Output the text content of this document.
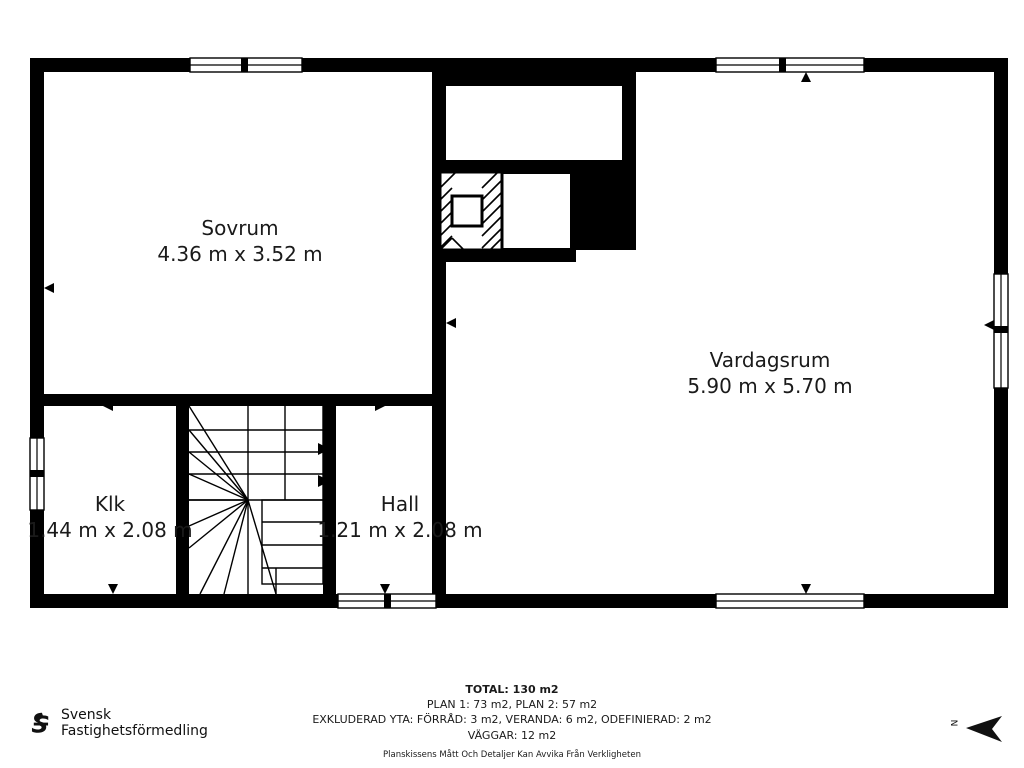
Sovrum
4.36 m x 3.52 m
Vardagsrum
5.90 m x 5.70 m
Klk
1.44 m x 2.08 m
Hall
1.21 m x 2.08 m
TOTAL: 130 m2
PLAN 1: 73 m2, PLAN 2: 57 m2
EXKLUDERAD YTA: FÖRRÅD: 3 m2, VERANDA: 6 m2, ODEFINIERAD: 2 m2
VÄGGAR: 12 m2
Planskissens Mått Och Detaljer Kan Avvika Från Verkligheten
Svensk
Fastighetsförmedling	N
